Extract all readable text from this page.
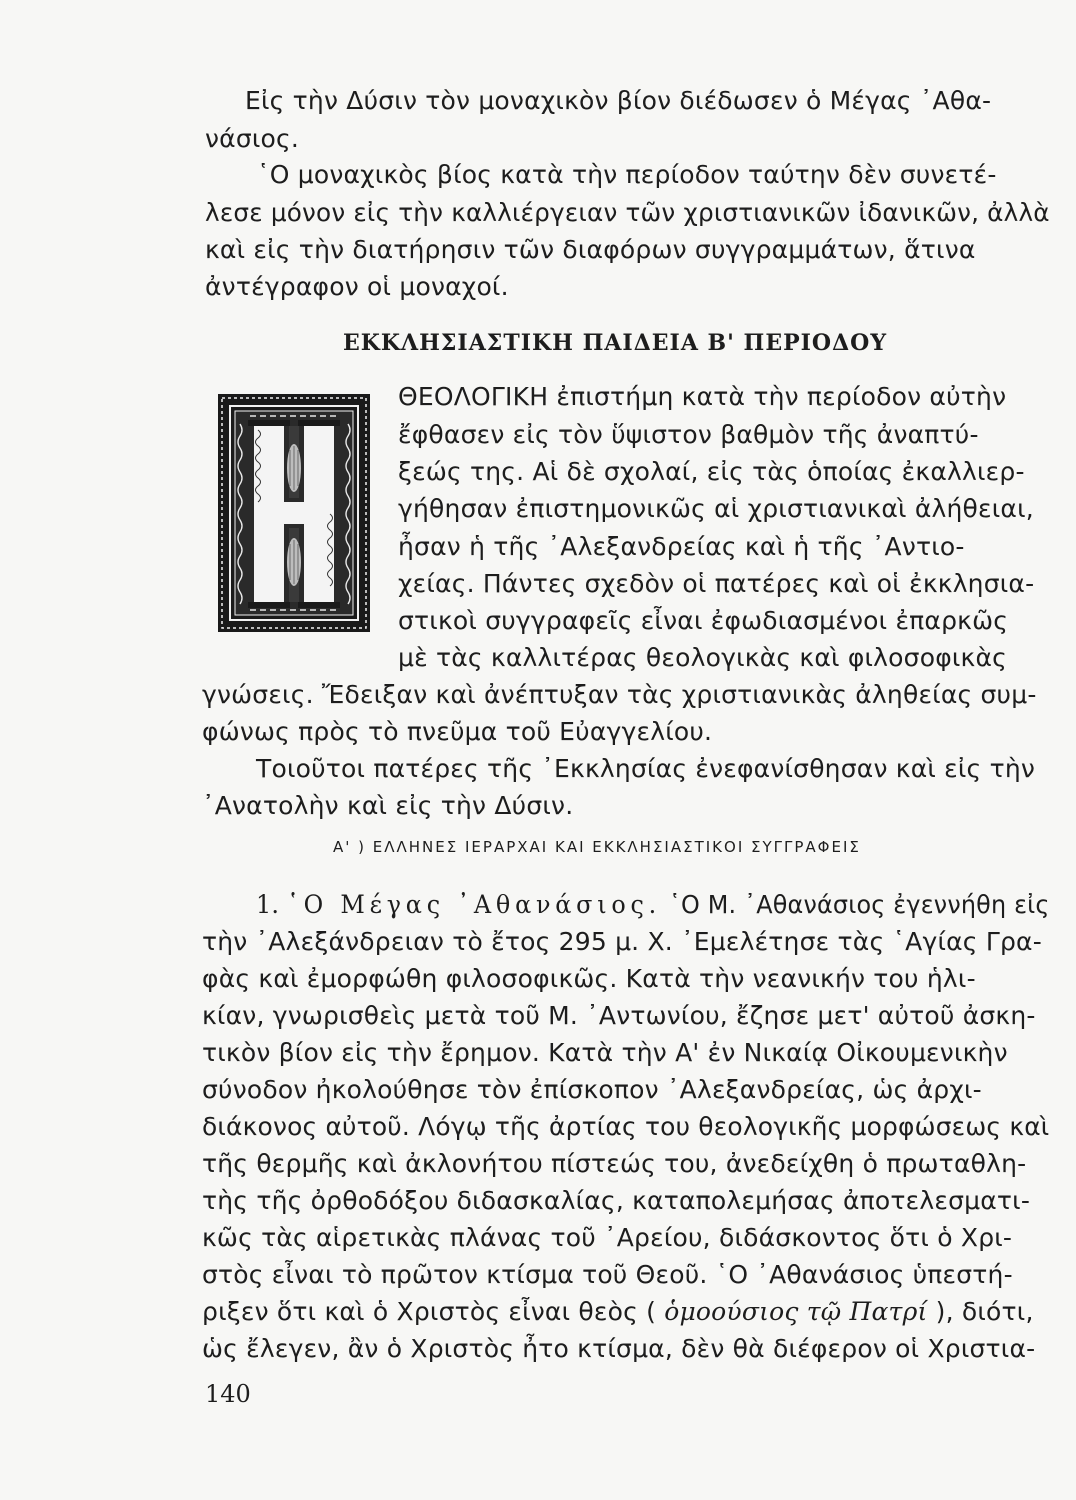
Εἰς τὴν Δύσιν τὸν μοναχικὸν βίον διέδωσεν ὁ Μέγας ᾿Αθα-
νάσιος.
῾Ο μοναχικὸς βίος κατὰ τὴν περίοδον ταύτην δὲν συνετέ-
λεσε μόνον εἰς τὴν καλλιέργειαν τῶν χριστιανικῶν ἰδανικῶν, ἀλλὰ
καὶ εἰς τὴν διατήρησιν τῶν διαφόρων συγγραμμάτων, ἅτινα
ἀντέγραφον οἱ μοναχοί.
ΕΚΚΛΗΣΙΑΣΤΙΚΗ ΠΑΙΔΕΙΑ Β' ΠΕΡΙΟΔΟΥ
ΘΕΟΛΟΓΙΚΗ ἐπιστήμη κατὰ τὴν περίοδον αὐτὴν
ἔφθασεν εἰς τὸν ὕψιστον βαθμὸν τῆς ἀναπτύ-
ξεώς της. Αἱ δὲ σχολαί, εἰς τὰς ὁποίας ἐκαλλιερ-
γήθησαν ἐπιστημονικῶς αἱ χριστιανικαὶ ἀλήθειαι,
ἦσαν ἡ τῆς ᾿Αλεξανδρείας καὶ ἡ τῆς ᾿Αντιο-
χείας. Πάντες σχεδὸν οἱ πατέρες καὶ οἱ ἐκκλησια-
στικοὶ συγγραφεῖς εἶναι ἐφωδιασμένοι ἐπαρκῶς
μὲ τὰς καλλιτέρας θεολογικὰς καὶ φιλοσοφικὰς
γνώσεις. Ἔδειξαν καὶ ἀνέπτυξαν τὰς χριστιανικὰς ἀληθείας συμ-
φώνως πρὸς τὸ πνεῦμα τοῦ Εὐαγγελίου.
Τοιοῦτοι πατέρες τῆς ᾿Εκκλησίας ἐνεφανίσθησαν καὶ εἰς τὴν
᾿Ανατολὴν καὶ εἰς τὴν Δύσιν.
Α' ) ΕΛΛΗΝΕΣ ΙΕΡΑΡΧΑΙ ΚΑΙ ΕΚΚΛΗΣΙΑΣΤΙΚΟΙ ΣΥΓΓΡΑΦΕΙΣ
1. ῾Ο Μέγας ᾿Αθανάσιος. ῾Ο Μ. ᾿Αθανάσιος ἐγεννήθη εἰς
τὴν ᾿Αλεξάνδρειαν τὸ ἔτος 295 μ. Χ. ᾿Εμελέτησε τὰς ῾Αγίας Γρα-
φὰς καὶ ἐμορφώθη φιλοσοφικῶς. Κατὰ τὴν νεανικήν του ἡλι-
κίαν, γνωρισθεὶς μετὰ τοῦ Μ. ᾿Αντωνίου, ἔζησε μετ' αὐτοῦ ἀσκη-
τικὸν βίον εἰς τὴν ἔρημον. Κατὰ τὴν Α' ἐν Νικαίᾳ Οἰκουμενικὴν
σύνοδον ἠκολούθησε τὸν ἐπίσκοπον ᾿Αλεξανδρείας, ὡς ἀρχι-
διάκονος αὐτοῦ. Λόγῳ τῆς ἀρτίας του θεολογικῆς μορφώσεως καὶ
τῆς θερμῆς καὶ ἀκλονήτου πίστεώς του, ἀνεδείχθη ὁ πρωταθλη-
τὴς τῆς ὀρθοδόξου διδασκαλίας, καταπολεμήσας ἀποτελεσματι-
κῶς τὰς αἱρετικὰς πλάνας τοῦ ᾿Αρείου, διδάσκοντος ὅτι ὁ Χρι-
στὸς εἶναι τὸ πρῶτον κτίσμα τοῦ Θεοῦ. ῾Ο ᾿Αθανάσιος ὑπεστή-
ριξεν ὅτι καὶ ὁ Χριστὸς εἶναι θεὸς ( ὁμοούσιος τῷ Πατρί ), διότι,
ὡς ἔλεγεν, ἂν ὁ Χριστὸς ἦτο κτίσμα, δὲν θὰ διέφερον οἱ Χριστια-
140
